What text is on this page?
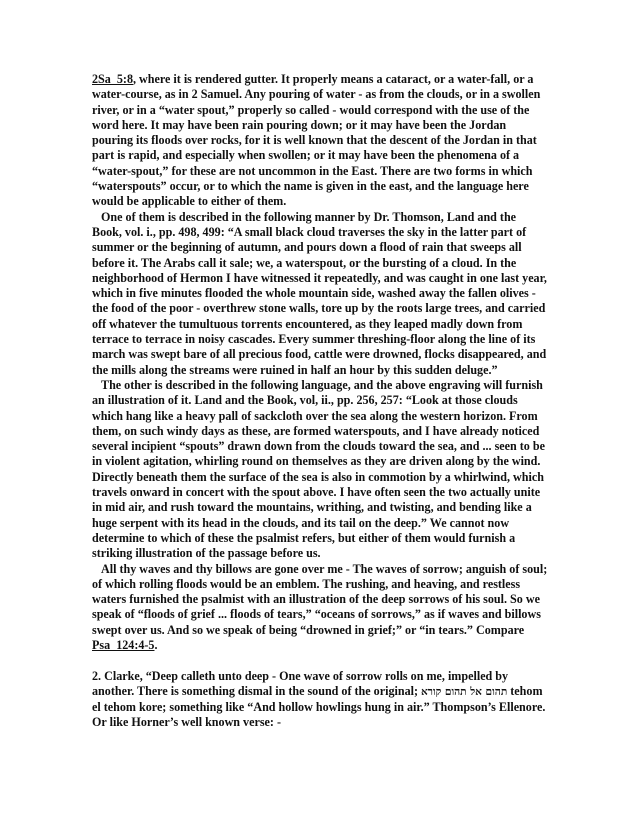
2Sa_5:8, where it is rendered gutter. It properly means a cataract, or a water-fall, or a water-course, as in 2 Samuel. Any pouring of water - as from the clouds, or in a swollen river, or in a “water spout,” properly so called - would correspond with the use of the word here. It may have been rain pouring down; or it may have been the Jordan pouring its floods over rocks, for it is well known that the descent of the Jordan in that part is rapid, and especially when swollen; or it may have been the phenomena of a “water-spout,” for these are not uncommon in the East. There are two forms in which “waterspouts” occur, or to which the name is given in the east, and the language here would be applicable to either of them.

One of them is described in the following manner by Dr. Thomson, Land and the Book, vol. i., pp. 498, 499: “A small black cloud traverses the sky in the latter part of summer or the beginning of autumn, and pours down a flood of rain that sweeps all before it. The Arabs call it sale; we, a waterspout, or the bursting of a cloud. In the neighborhood of Hermon I have witnessed it repeatedly, and was caught in one last year, which in five minutes flooded the whole mountain side, washed away the fallen olives - the food of the poor - overthrew stone walls, tore up by the roots large trees, and carried off whatever the tumultuous torrents encountered, as they leaped madly down from terrace to terrace in noisy cascades. Every summer threshing-floor along the line of its march was swept bare of all precious food, cattle were drowned, flocks disappeared, and the mills along the streams were ruined in half an hour by this sudden deluge.”

The other is described in the following language, and the above engraving will furnish an illustration of it. Land and the Book, vol, ii., pp. 256, 257: “Look at those clouds which hang like a heavy pall of sackcloth over the sea along the western horizon. From them, on such windy days as these, are formed waterspouts, and I have already noticed several incipient “spouts” drawn down from the clouds toward the sea, and ... seen to be in violent agitation, whirling round on themselves as they are driven along by the wind. Directly beneath them the surface of the sea is also in commotion by a whirlwind, which travels onward in concert with the spout above. I have often seen the two actually unite in mid air, and rush toward the mountains, writhing, and twisting, and bending like a huge serpent with its head in the clouds, and its tail on the deep.” We cannot now determine to which of these the psalmist refers, but either of them would furnish a striking illustration of the passage before us.

All thy waves and thy billows are gone over me - The waves of sorrow; anguish of soul; of which rolling floods would be an emblem. The rushing, and heaving, and restless waters furnished the psalmist with an illustration of the deep sorrows of his soul. So we speak of “floods of grief ... floods of tears,” “oceans of sorrows,” as if waves and billows swept over us. And so we speak of being “drowned in grief;” or “in tears.” Compare Psa_124:4-5.

2. Clarke, “Deep calleth unto deep - One wave of sorrow rolls on me, impelled by another. There is something dismal in the sound of the original; תהום אל תהום קורא tehom el tehom kore; something like “And hollow howlings hung in air.” Thompson’s Ellenore. Or like Horner’s well known verse: -
